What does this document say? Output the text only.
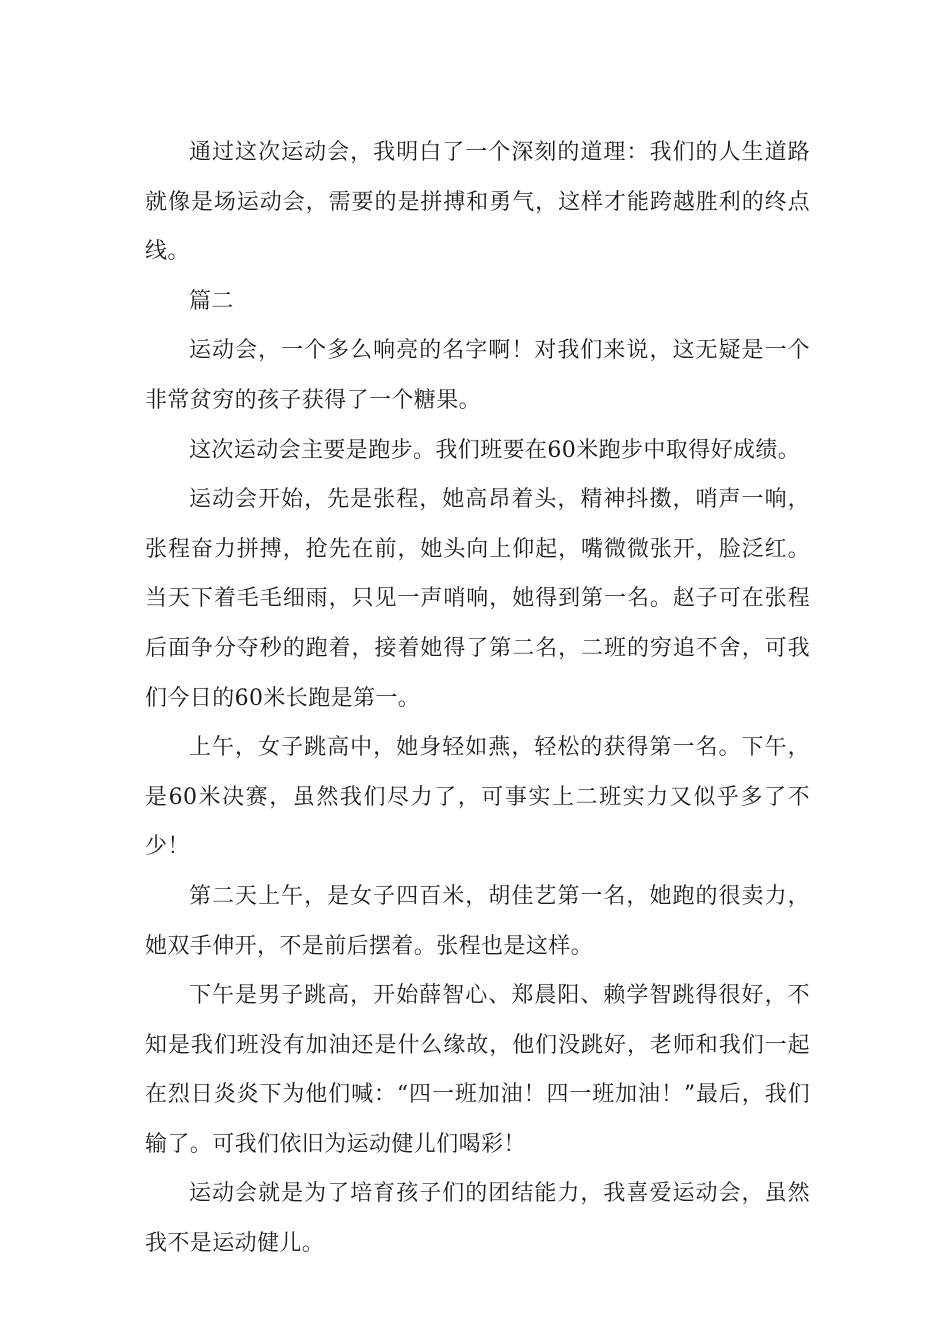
通过这次运动会，我明白了一个深刻的道理：我们的人生道路就像是场运动会，需要的是拼搏和勇气，这样才能跨越胜利的终点线。

篇二

运动会，一个多么响亮的名字啊！对我们来说，这无疑是一个非常贫穷的孩子获得了一个糖果。

这次运动会主要是跑步。我们班要在60米跑步中取得好成绩。

运动会开始，先是张程，她高昂着头，精神抖擞，哨声一响，张程奋力拼搏，抢先在前，她头向上仰起，嘴微微张开，脸泛红。当天下着毛毛细雨，只见一声哨响，她得到第一名。赵子可在张程后面争分夺秒的跑着，接着她得了第二名，二班的穷追不舍，可我们今日的60米长跑是第一。

上午，女子跳高中，她身轻如燕，轻松的获得第一名。下午，是60米决赛，虽然我们尽力了，可事实上二班实力又似乎多了不少！

第二天上午，是女子四百米，胡佳艺第一名，她跑的很卖力，她双手伸开，不是前后摆着。张程也是这样。

下午是男子跳高，开始薛智心、郑晨阳、赖学智跳得很好，不知是我们班没有加油还是什么缘故，他们没跳好，老师和我们一起在烈日炎炎下为他们喊：“四一班加油！四一班加油！”最后，我们输了。可我们依旧为运动健儿们喝彩！

运动会就是为了培育孩子们的团结能力，我喜爱运动会，虽然我不是运动健儿。
